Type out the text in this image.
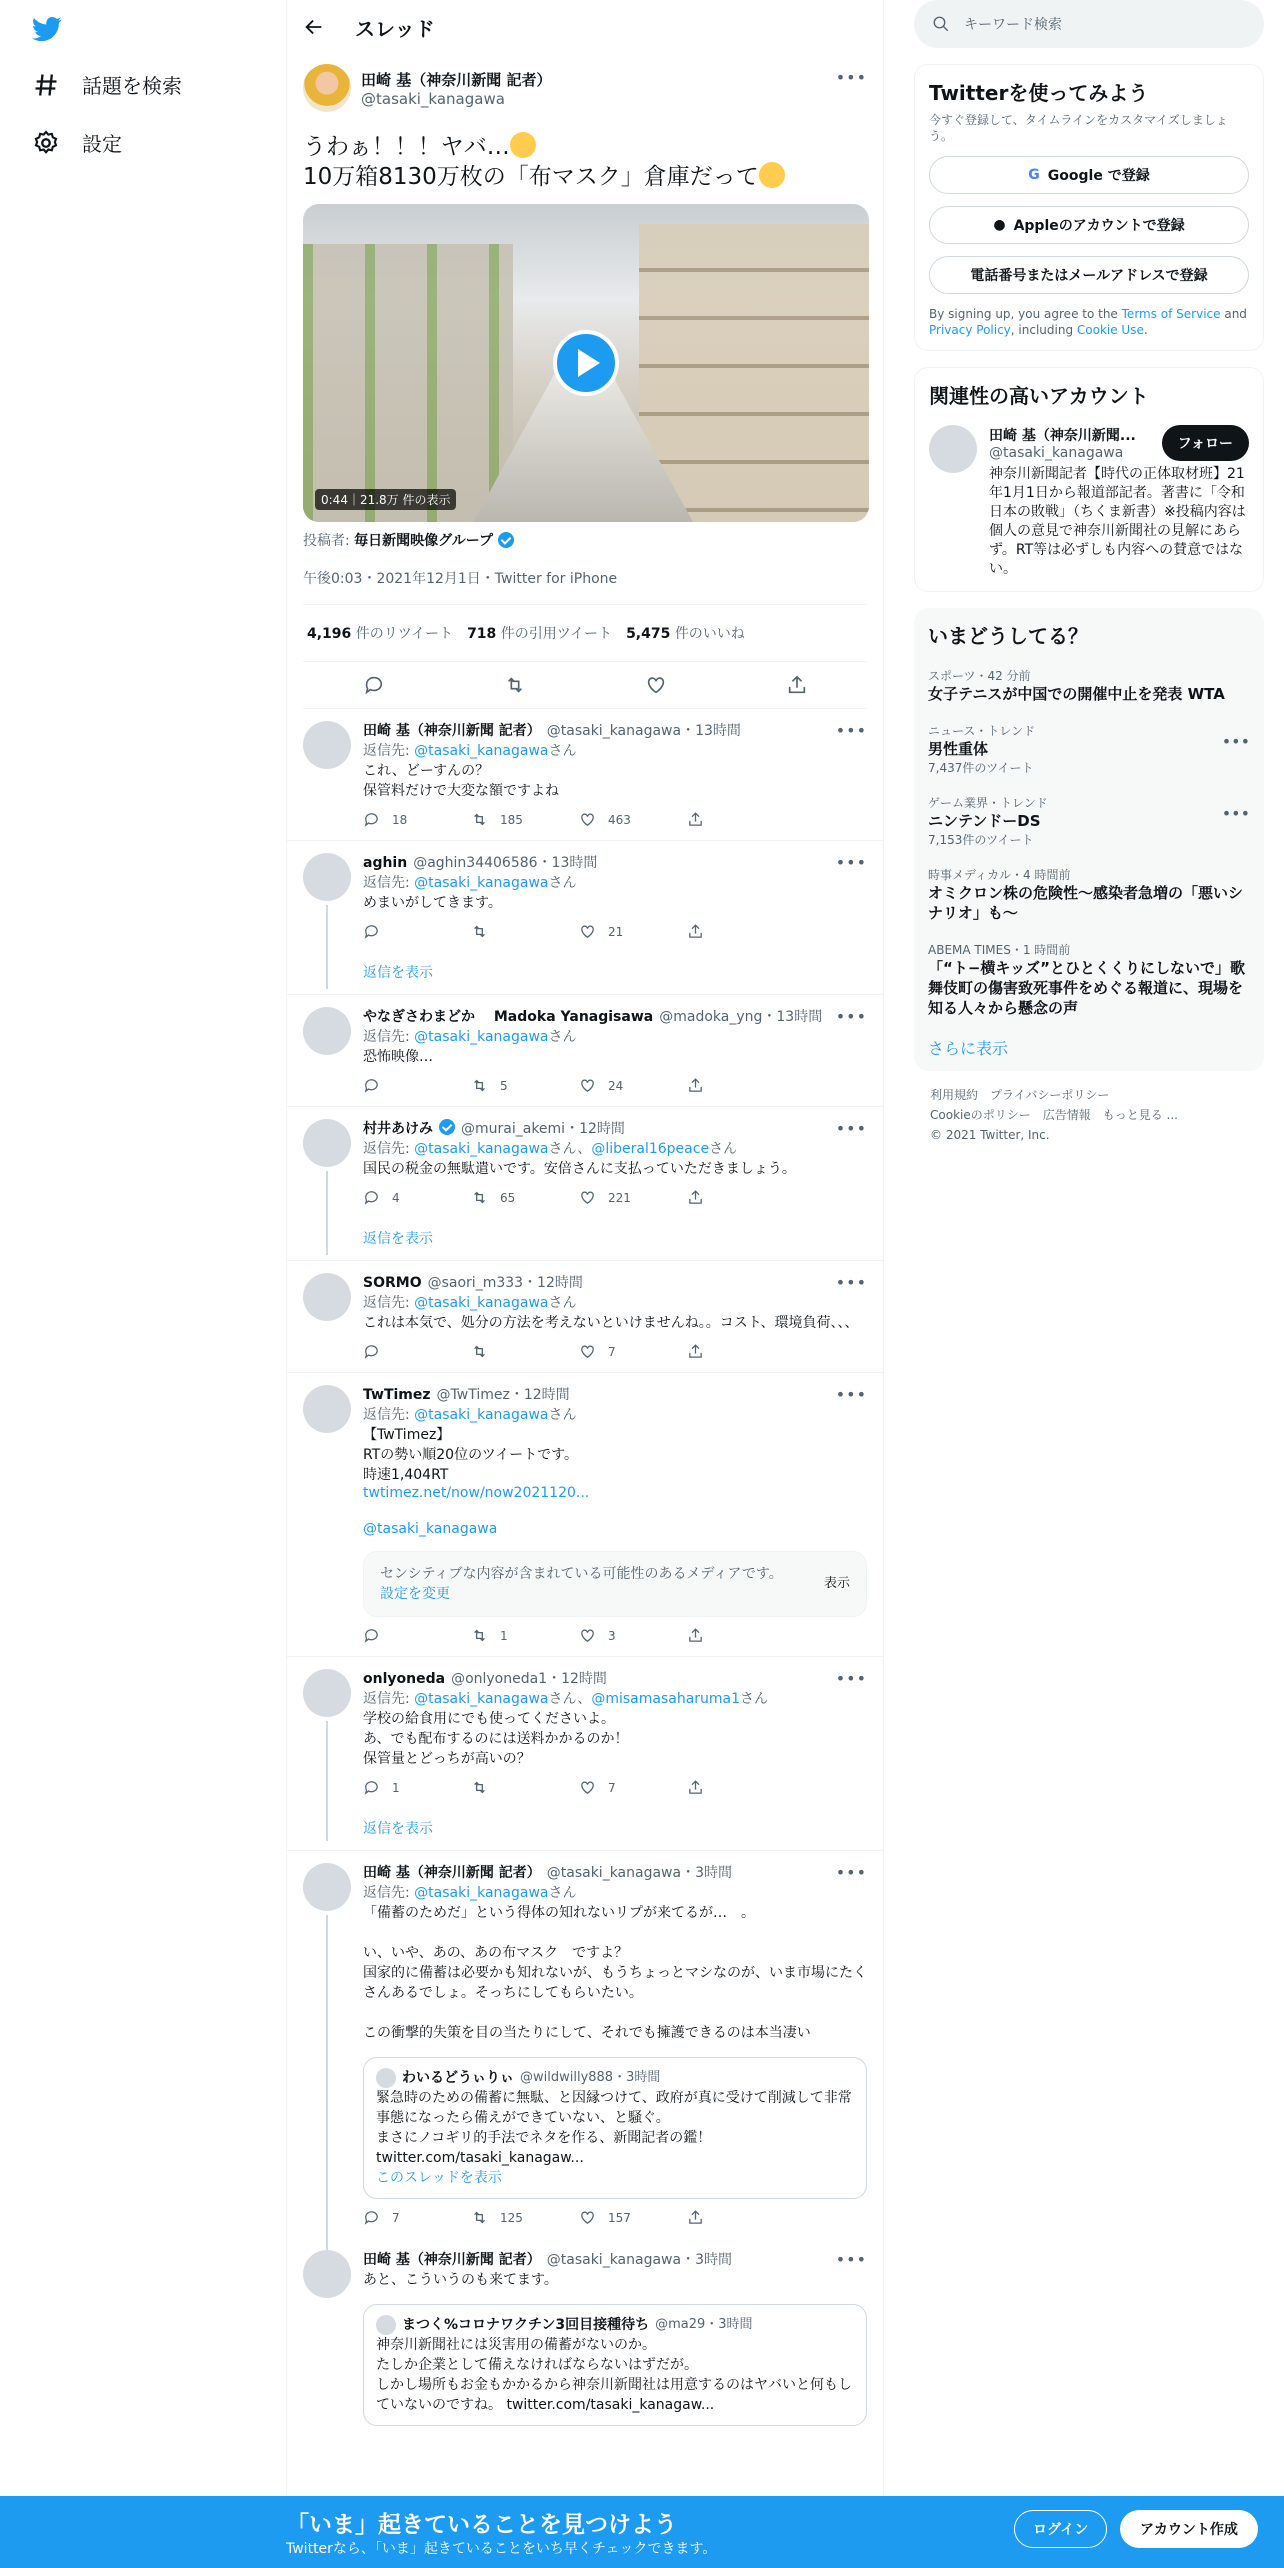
話題を検索
設定
スレッド
田崎 基（神奈川新聞 記者）
@tasaki_kanagawa
•••
うわぁ！！！ヤバ…
10万箱8130万枚の「布マスク」倉庫だって
0:44｜21.8万 件の表示
投稿者: 毎日新聞映像グループ
午後0:03・2021年12月1日・Twitter for iPhone
4,196 件のリツイート 718 件の引用ツイート 5,475 件のいいね
田崎 基（神奈川新聞 記者） @tasaki_kanagawa・13時間	•••
返信先: @tasaki_kanagawaさん
これ、どーすんの？
保管料だけで大変な額ですよね
18	185	463
aghin @aghin34406586・13時間	•••
返信先: @tasaki_kanagawaさん
めまいがしてきます。
21
返信を表示
やなぎさわまどか　 Madoka Yanagisawa @madoka_yng・13時間 •••
返信先: @tasaki_kanagawaさん
恐怖映像…
5	24
村井あけみ @murai_akemi・12時間	•••
返信先: @tasaki_kanagawaさん、@liberal16peaceさん
国民の税金の無駄遣いです。安倍さんに支払っていただきましょう。
4	65	221
返信を表示
SORMO @saori_m333・12時間	•••
返信先: @tasaki_kanagawaさん
これは本気で、処分の方法を考えないといけませんね。。コスト、環境負荷、、、
7
TwTimez @TwTimez・12時間	•••
返信先: @tasaki_kanagawaさん
【TwTimez】
RTの勢い順20位のツイートです。
時速1,404RT
twtimez.net/now/now2021120...
@tasaki_kanagawa
センシティブな内容が含まれている可能性のあるメディアです。
設定を変更
表示
1	3
onlyoneda @onlyoneda1・12時間	•••
返信先: @tasaki_kanagawaさん、@misamasaharuma1さん
学校の給食用にでも使ってくださいよ。
あ、でも配布するのには送料かかるのか！
保管量とどっちが高いの？
1	7
返信を表示
田崎 基（神奈川新聞 記者） @tasaki_kanagawa・3時間	•••
返信先: @tasaki_kanagawaさん
「備蓄のためだ」という得体の知れないリプが来てるが…　。

い、いや、あの、あの布マスク　ですよ？
国家的に備蓄は必要かも知れないが、もうちょっとマシなのが、いま市場にたくさんあるでしょ。そっちにしてもらいたい。

この衝撃的失策を目の当たりにして、それでも擁護できるのは本当凄い
わいるどうぃりぃ @wildwilly888・3時間
緊急時のための備蓄に無駄、と因縁つけて、政府が真に受けて削減して非常事態になったら備えができていない、と騒ぐ。
まさにノコギリ的手法でネタを作る、新聞記者の鑑！
twitter.com/tasaki_kanagaw...
このスレッドを表示
7	125	157
田崎 基（神奈川新聞 記者） @tasaki_kanagawa・3時間	•••
あと、こういうのも来てます。
まつく%コロナワクチン3回目接種待ち @ma29・3時間
神奈川新聞社には災害用の備蓄がないのか。
たしか企業として備えなければならないはずだが。
しかし場所もお金もかかるから神奈川新聞社は用意するのはヤバいと何もしていないのですね。 twitter.com/tasaki_kanagaw...
キーワード検索
Twitterを使ってみよう
今すぐ登録して、タイムラインをカスタマイズしましょう。
G Google で登録
● Appleのアカウントで登録
電話番号またはメールアドレスで登録
By signing up, you agree to the Terms of Service and Privacy Policy, including Cookie Use.
関連性の高いアカウント
田崎 基（神奈川新聞...
@tasaki_kanagawa
神奈川新聞記者【時代の正体取材班】21年1月1日から報道部記者。著書に「令和日本の敗戦」（ちくま新書）※投稿内容は個人の意見で神奈川新聞社の見解にあらず。RT等は必ずしも内容への賛意ではない。
フォロー
いまどうしてる？
スポーツ・42 分前
女子テニスが中国での開催中止を発表 WTA
ニュース・トレンド
男性重体
7,437件のツイート
•••
ゲーム業界・トレンド
ニンテンドーDS
7,153件のツイート
•••
時事メディカル・4 時間前
オミクロン株の危険性～感染者急増の「悪いシナリオ」も～
ABEMA TIMES・1 時間前
「“ト−横キッズ”とひとくくりにしないで」歌舞伎町の傷害致死事件をめぐる報道に、現場を知る人々から懸念の声
さらに表示
利用規約　プライバシーポリシー
Cookieのポリシー　広告情報　もっと見る ...
© 2021 Twitter, Inc.
「いま」起きていることを見つけよう
Twitterなら、「いま」起きていることをいち早くチェックできます。
ログイン	アカウント作成
